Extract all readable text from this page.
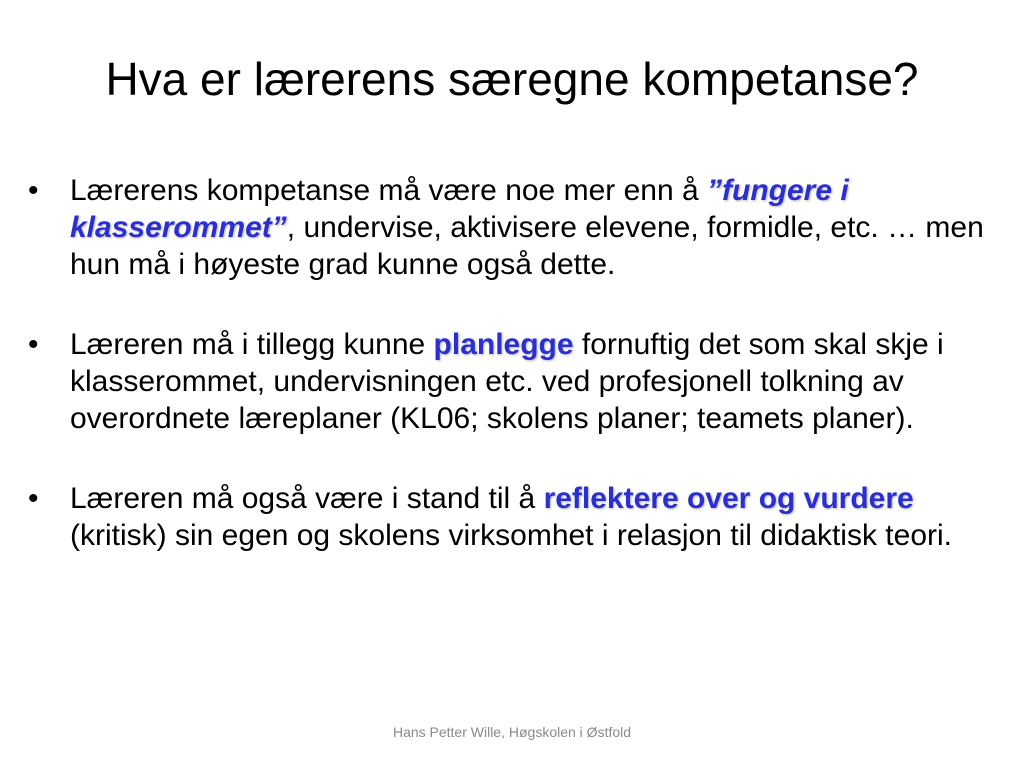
Hva er lærerens særegne kompetanse?
• Lærerens kompetanse må være noe mer enn å ”fungere i klasserommet”, undervise, aktivisere elevene, formidle, etc. … men hun må i høyeste grad kunne også dette.
• Læreren må i tillegg kunne planlegge fornuftig det som skal skje i klasserommet, undervisningen etc. ved profesjonell tolkning av overordnete læreplaner (KL06; skolens planer; teamets planer).
• Læreren må også være i stand til å reflektere over og vurdere (kritisk) sin egen og skolens virksomhet i relasjon til didaktisk teori.
Hans Petter Wille, Høgskolen i Østfold
